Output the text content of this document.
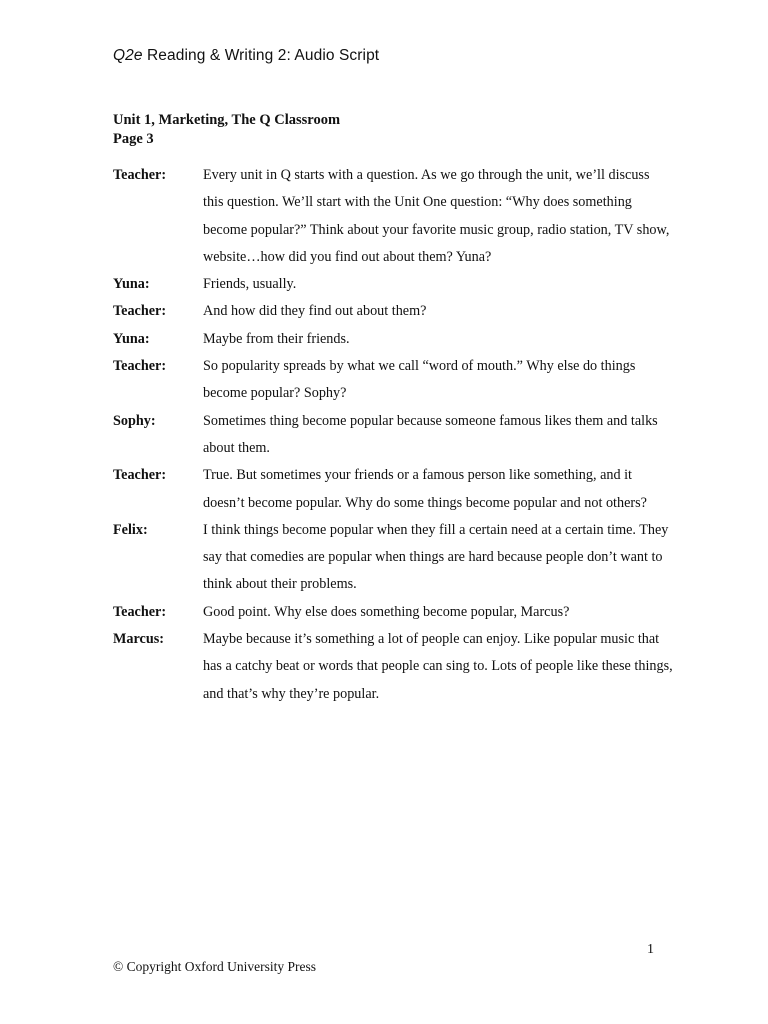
Q2e Reading & Writing 2: Audio Script
Unit 1, Marketing, The Q Classroom
Page 3
Teacher:	Every unit in Q starts with a question. As we go through the unit, we’ll discuss this question. We’ll start with the Unit One question: “Why does something become popular?” Think about your favorite music group, radio station, TV show, website…how did you find out about them? Yuna?
Yuna:	Friends, usually.
Teacher:	And how did they find out about them?
Yuna:	Maybe from their friends.
Teacher:	So popularity spreads by what we call “word of mouth.” Why else do things become popular? Sophy?
Sophy:	Sometimes thing become popular because someone famous likes them and talks about them.
Teacher:	True. But sometimes your friends or a famous person like something, and it doesn’t become popular. Why do some things become popular and not others?
Felix:	I think things become popular when they fill a certain need at a certain time. They say that comedies are popular when things are hard because people don’t want to think about their problems.
Teacher:	Good point. Why else does something become popular, Marcus?
Marcus:	Maybe because it’s something a lot of people can enjoy. Like popular music that has a catchy beat or words that people can sing to. Lots of people like these things, and that’s why they’re popular.
1
© Copyright Oxford University Press
